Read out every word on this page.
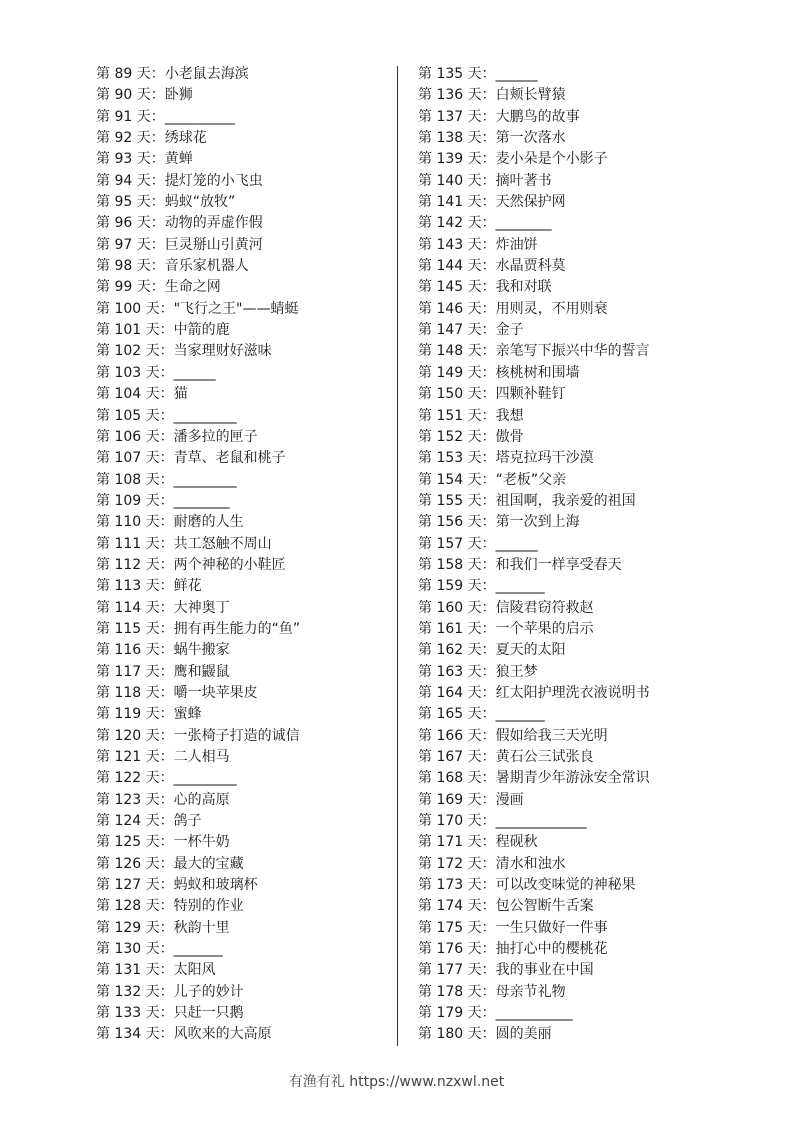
第 89 天：小老鼠去海滨
第 90 天：卧狮
第 91 天：__________
第 92 天：绣球花
第 93 天：黄蝉
第 94 天：提灯笼的小飞虫
第 95 天：蚂蚁“放牧”
第 96 天：动物的弄虚作假
第 97 天：巨灵掰山引黄河
第 98 天：音乐家机器人
第 99 天：生命之网
第 100 天："飞行之王"——蜻蜓
第 101 天：中箭的鹿
第 102 天：当家理财好滋味
第 103 天：______
第 104 天：猫
第 105 天：_________
第 106 天：潘多拉的匣子
第 107 天：青草、老鼠和桃子
第 108 天：_________
第 109 天：________
第 110 天：耐磨的人生
第 111 天：共工怒触不周山
第 112 天：两个神秘的小鞋匠
第 113 天：鲜花
第 114 天：大神奥丁
第 115 天：拥有再生能力的“鱼”
第 116 天：蜗牛搬家
第 117 天：鹰和鼹鼠
第 118 天：嚼一块苹果皮
第 119 天：蜜蜂
第 120 天：一张椅子打造的诚信
第 121 天：二人相马
第 122 天：_________
第 123 天：心的高原
第 124 天：鸽子
第 125 天：一杯牛奶
第 126 天：最大的宝藏
第 127 天：蚂蚁和玻璃杯
第 128 天：特别的作业
第 129 天：秋韵十里
第 130 天：_______
第 131 天：太阳风
第 132 天：儿子的妙计
第 133 天：只赶一只鹅
第 134 天：风吹来的大高原
第 135 天：______
第 136 天：白颊长臂猿
第 137 天：大鹏鸟的故事
第 138 天：第一次落水
第 139 天：麦小朵是个小影子
第 140 天：摘叶著书
第 141 天：天然保护网
第 142 天：________
第 143 天：炸油饼
第 144 天：水晶贾科莫
第 145 天：我和对联
第 146 天：用则灵，不用则衰
第 147 天：金子
第 148 天：亲笔写下振兴中华的誓言
第 149 天：核桃树和围墙
第 150 天：四颗补鞋钉
第 151 天：我想
第 152 天：傲骨
第 153 天：塔克拉玛干沙漠
第 154 天：“老板”父亲
第 155 天：祖国啊，我亲爱的祖国
第 156 天：第一次到上海
第 157 天：______
第 158 天：和我们一样享受春天
第 159 天：_______
第 160 天：信陵君窃符救赵
第 161 天：一个苹果的启示
第 162 天：夏天的太阳
第 163 天：狼王梦
第 164 天：红太阳护理洗衣液说明书
第 165 天：_______
第 166 天：假如给我三天光明
第 167 天：黄石公三试张良
第 168 天：暑期青少年游泳安全常识
第 169 天：漫画
第 170 天：_____________
第 171 天：程砚秋
第 172 天：清水和浊水
第 173 天：可以改变味觉的神秘果
第 174 天：包公智断牛舌案
第 175 天：一生只做好一件事
第 176 天：抽打心中的樱桃花
第 177 天：我的事业在中国
第 178 天：母亲节礼物
第 179 天：___________
第 180 天：圆的美丽
有渔有礼 https://www.nzxwl.net
